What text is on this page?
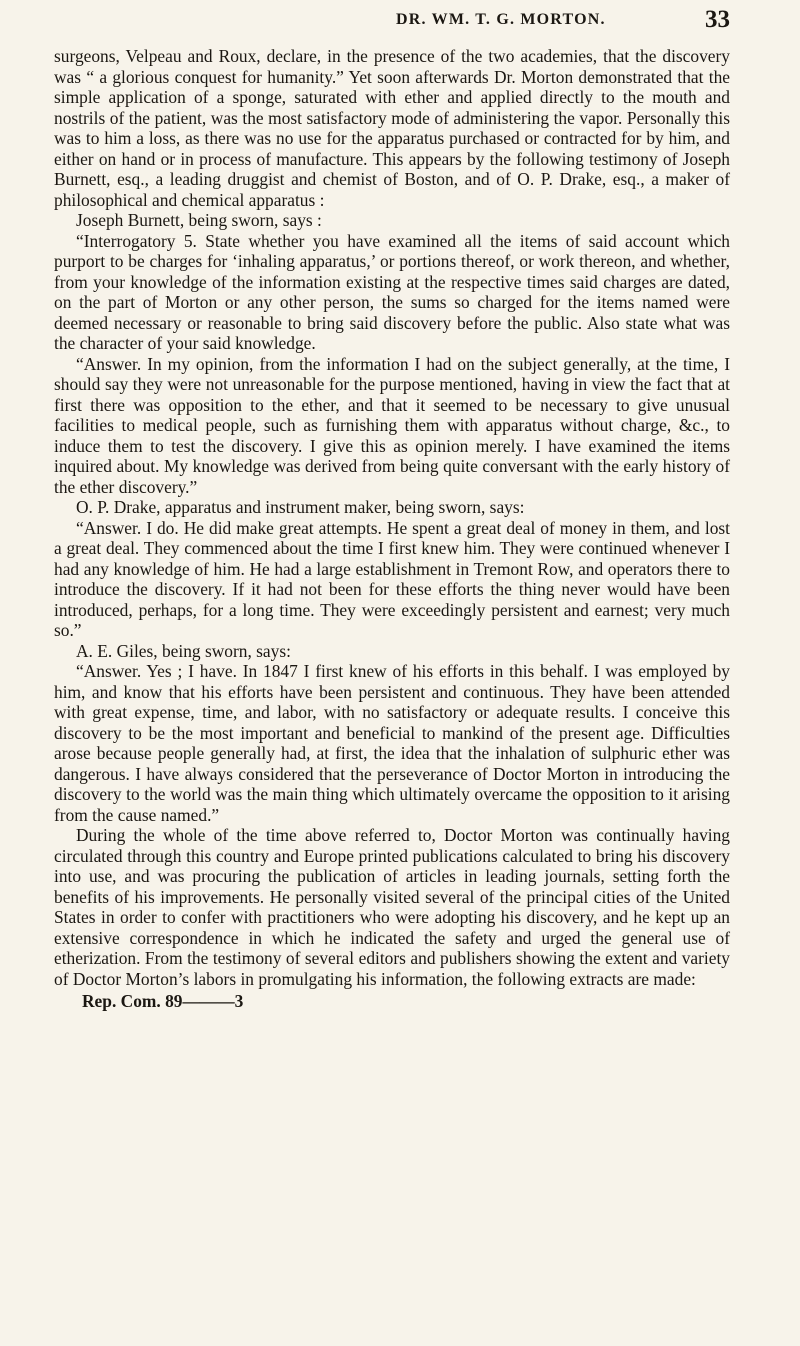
DR. WM. T. G. MORTON.	33

surgeons, Velpeau and Roux, declare, in the presence of the two academies, that the discovery was “ a glorious conquest for humanity.” Yet soon afterwards Dr. Morton demonstrated that the simple application of a sponge, saturated with ether and applied directly to the mouth and nostrils of the patient, was the most satisfactory mode of administering the vapor. Personally this was to him a loss, as there was no use for the apparatus purchased or contracted for by him, and either on hand or in process of manufacture. This appears by the following testimony of Joseph Burnett, esq., a leading druggist and chemist of Boston, and of O. P. Drake, esq., a maker of philosophical and chemical apparatus :

Joseph Burnett, being sworn, says :

“Interrogatory 5. State whether you have examined all the items of said account which purport to be charges for ‘inhaling apparatus,’ or portions thereof, or work thereon, and whether, from your knowledge of the information existing at the respective times said charges are dated, on the part of Morton or any other person, the sums so charged for the items named were deemed necessary or reasonable to bring said discovery before the public. Also state what was the character of your said knowledge.

“Answer. In my opinion, from the information I had on the subject generally, at the time, I should say they were not unreasonable for the purpose mentioned, having in view the fact that at first there was opposition to the ether, and that it seemed to be necessary to give unusual facilities to medical people, such as furnishing them with apparatus without charge, &c., to induce them to test the discovery. I give this as opinion merely. I have examined the items inquired about. My knowledge was derived from being quite conversant with the early history of the ether discovery.”

O. P. Drake, apparatus and instrument maker, being sworn, says:

“Answer. I do. He did make great attempts. He spent a great deal of money in them, and lost a great deal. They commenced about the time I first knew him. They were continued whenever I had any knowledge of him. He had a large establishment in Tremont Row, and operators there to introduce the discovery. If it had not been for these efforts the thing never would have been introduced, perhaps, for a long time. They were exceedingly persistent and earnest; very much so.”

A. E. Giles, being sworn, says:

“Answer. Yes ; I have. In 1847 I first knew of his efforts in this behalf. I was employed by him, and know that his efforts have been persistent and continuous. They have been attended with great expense, time, and labor, with no satisfactory or adequate results. I conceive this discovery to be the most important and beneficial to mankind of the present age. Difficulties arose because people generally had, at first, the idea that the inhalation of sulphuric ether was dangerous. I have always considered that the perseverance of Doctor Morton in introducing the discovery to the world was the main thing which ultimately overcame the opposition to it arising from the cause named.”

During the whole of the time above referred to, Doctor Morton was continually having circulated through this country and Europe printed publications calculated to bring his discovery into use, and was procuring the publication of articles in leading journals, setting forth the benefits of his improvements. He personally visited several of the principal cities of the United States in order to confer with practitioners who were adopting his discovery, and he kept up an extensive correspondence in which he indicated the safety and urged the general use of etherization. From the testimony of several editors and publishers showing the extent and variety of Doctor Morton’s labors in promulgating his information, the following extracts are made:

Rep. Com. 89———3
